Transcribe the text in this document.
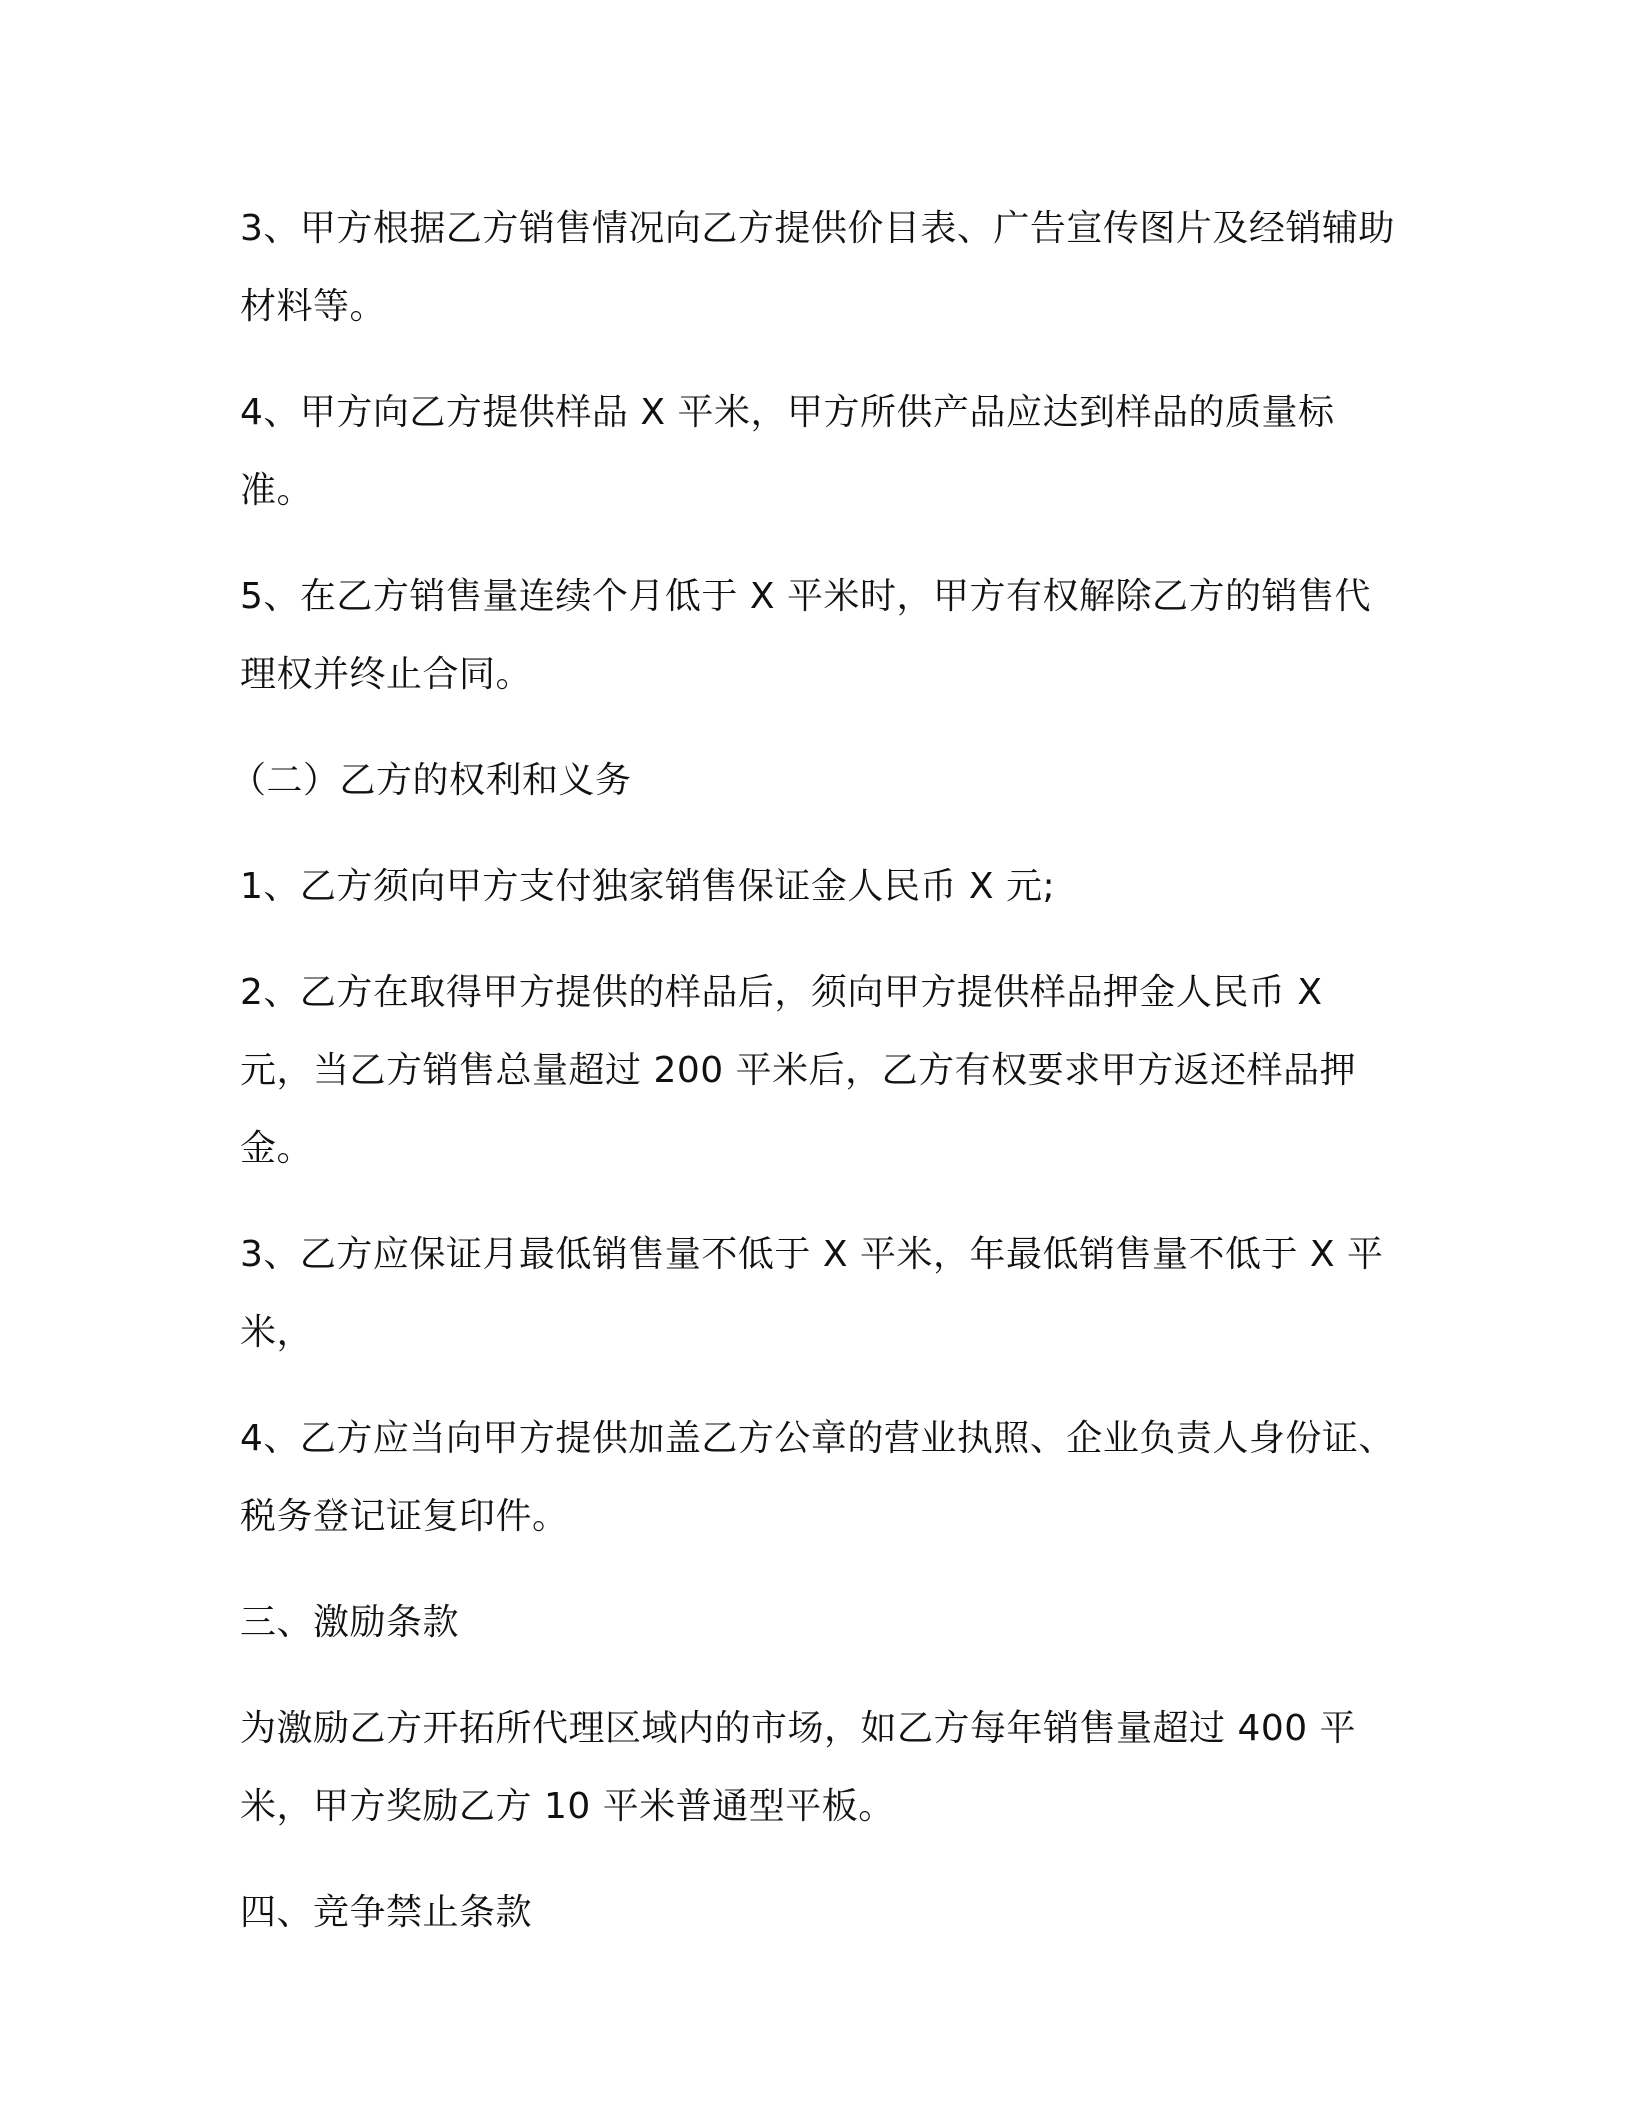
3、甲方根据乙方销售情况向乙方提供价目表、广告宣传图片及经销辅助材料等。

4、甲方向乙方提供样品 X 平米，甲方所供产品应达到样品的质量标准。

5、在乙方销售量连续个月低于 X 平米时，甲方有权解除乙方的销售代理权并终止合同。

（二）乙方的权利和义务

1、乙方须向甲方支付独家销售保证金人民币 X 元;

2、乙方在取得甲方提供的样品后，须向甲方提供样品押金人民币 X 元，当乙方销售总量超过 200 平米后，乙方有权要求甲方返还样品押金。

3、乙方应保证月最低销售量不低于 X 平米，年最低销售量不低于 X 平米，

4、乙方应当向甲方提供加盖乙方公章的营业执照、企业负责人身份证、税务登记证复印件。

三、激励条款

为激励乙方开拓所代理区域内的市场，如乙方每年销售量超过 400 平米，甲方奖励乙方 10 平米普通型平板。

四、竞争禁止条款
